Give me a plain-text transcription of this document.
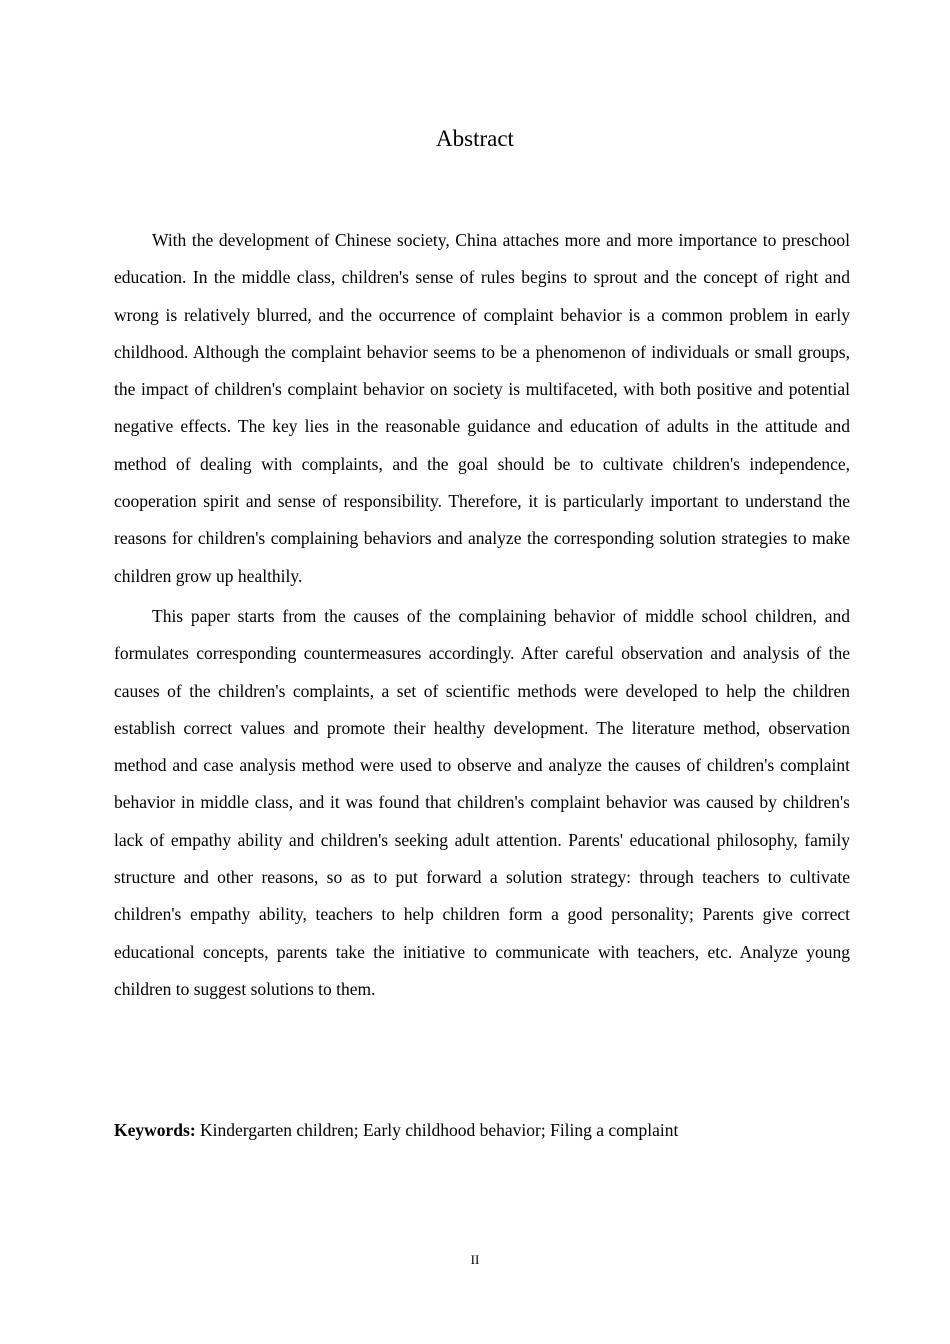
Abstract

With the development of Chinese society, China attaches more and more importance to preschool education. In the middle class, children's sense of rules begins to sprout and the concept of right and wrong is relatively blurred, and the occurrence of complaint behavior is a common problem in early childhood. Although the complaint behavior seems to be a phenomenon of individuals or small groups, the impact of children's complaint behavior on society is multifaceted, with both positive and potential negative effects. The key lies in the reasonable guidance and education of adults in the attitude and method of dealing with complaints, and the goal should be to cultivate children's independence, cooperation spirit and sense of responsibility. Therefore, it is particularly important to understand the reasons for children's complaining behaviors and analyze the corresponding solution strategies to make children grow up healthily.

This paper starts from the causes of the complaining behavior of middle school children, and formulates corresponding countermeasures accordingly. After careful observation and analysis of the causes of the children's complaints, a set of scientific methods were developed to help the children establish correct values and promote their healthy development. The literature method, observation method and case analysis method were used to observe and analyze the causes of children's complaint behavior in middle class, and it was found that children's complaint behavior was caused by children's lack of empathy ability and children's seeking adult attention. Parents' educational philosophy, family structure and other reasons, so as to put forward a solution strategy: through teachers to cultivate children's empathy ability, teachers to help children form a good personality; Parents give correct educational concepts, parents take the initiative to communicate with teachers, etc. Analyze young children to suggest solutions to them.

Keywords: Kindergarten children; Early childhood behavior; Filing a complaint

II
